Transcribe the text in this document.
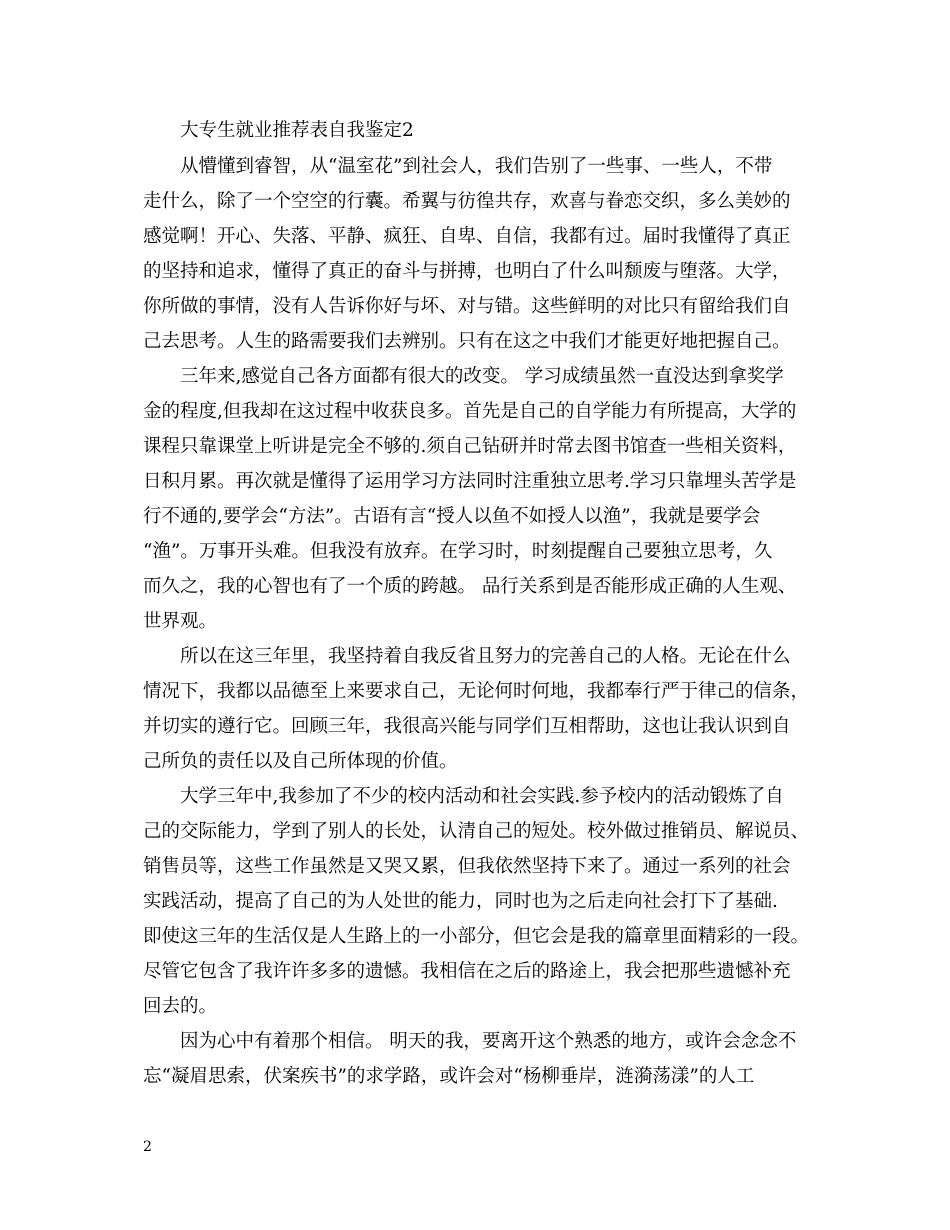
大专生就业推荐表自我鉴定2
从懵懂到睿智，从“温室花”到社会人，我们告别了一些事、一些人，不带
走什么，除了一个空空的行囊。希翼与彷徨共存，欢喜与眷恋交织，多么美妙的
感觉啊！开心、失落、平静、疯狂、自卑、自信，我都有过。届时我懂得了真正
的坚持和追求，懂得了真正的奋斗与拼搏，也明白了什么叫颓废与堕落。大学，
你所做的事情，没有人告诉你好与坏、对与错。这些鲜明的对比只有留给我们自
己去思考。人生的路需要我们去辨别。只有在这之中我们才能更好地把握自己。
三年来,感觉自己各方面都有很大的改变。 学习成绩虽然一直没达到拿奖学
金的程度,但我却在这过程中收获良多。首先是自己的自学能力有所提高，大学的
课程只靠课堂上听讲是完全不够的.须自己钻研并时常去图书馆查一些相关资料，
日积月累。再次就是懂得了运用学习方法同时注重独立思考.学习只靠埋头苦学是
行不通的,要学会“方法”。古语有言“授人以鱼不如授人以渔”，我就是要学会
“渔”。万事开头难。但我没有放弃。在学习时，时刻提醒自己要独立思考，久
而久之，我的心智也有了一个质的跨越。 品行关系到是否能形成正确的人生观、
世界观。
所以在这三年里，我坚持着自我反省且努力的完善自己的人格。无论在什么
情况下，我都以品德至上来要求自己，无论何时何地，我都奉行严于律己的信条，
并切实的遵行它。回顾三年，我很高兴能与同学们互相帮助，这也让我认识到自
己所负的责任以及自己所体现的价值。
大学三年中,我参加了不少的校内活动和社会实践.参予校内的活动锻炼了自
己的交际能力，学到了别人的长处，认清自己的短处。校外做过推销员、解说员、
销售员等，这些工作虽然是又哭又累，但我依然坚持下来了。通过一系列的社会
实践活动，提高了自己的为人处世的能力，同时也为之后走向社会打下了基础.
即使这三年的生活仅是人生路上的一小部分，但它会是我的篇章里面精彩的一段。
尽管它包含了我许许多多的遗憾。我相信在之后的路途上，我会把那些遗憾补充
回去的。
因为心中有着那个相信。 明天的我，要离开这个熟悉的地方，或许会念念不
忘“凝眉思索，伏案疾书”的求学路，或许会对“杨柳垂岸，涟漪荡漾”的人工
2
